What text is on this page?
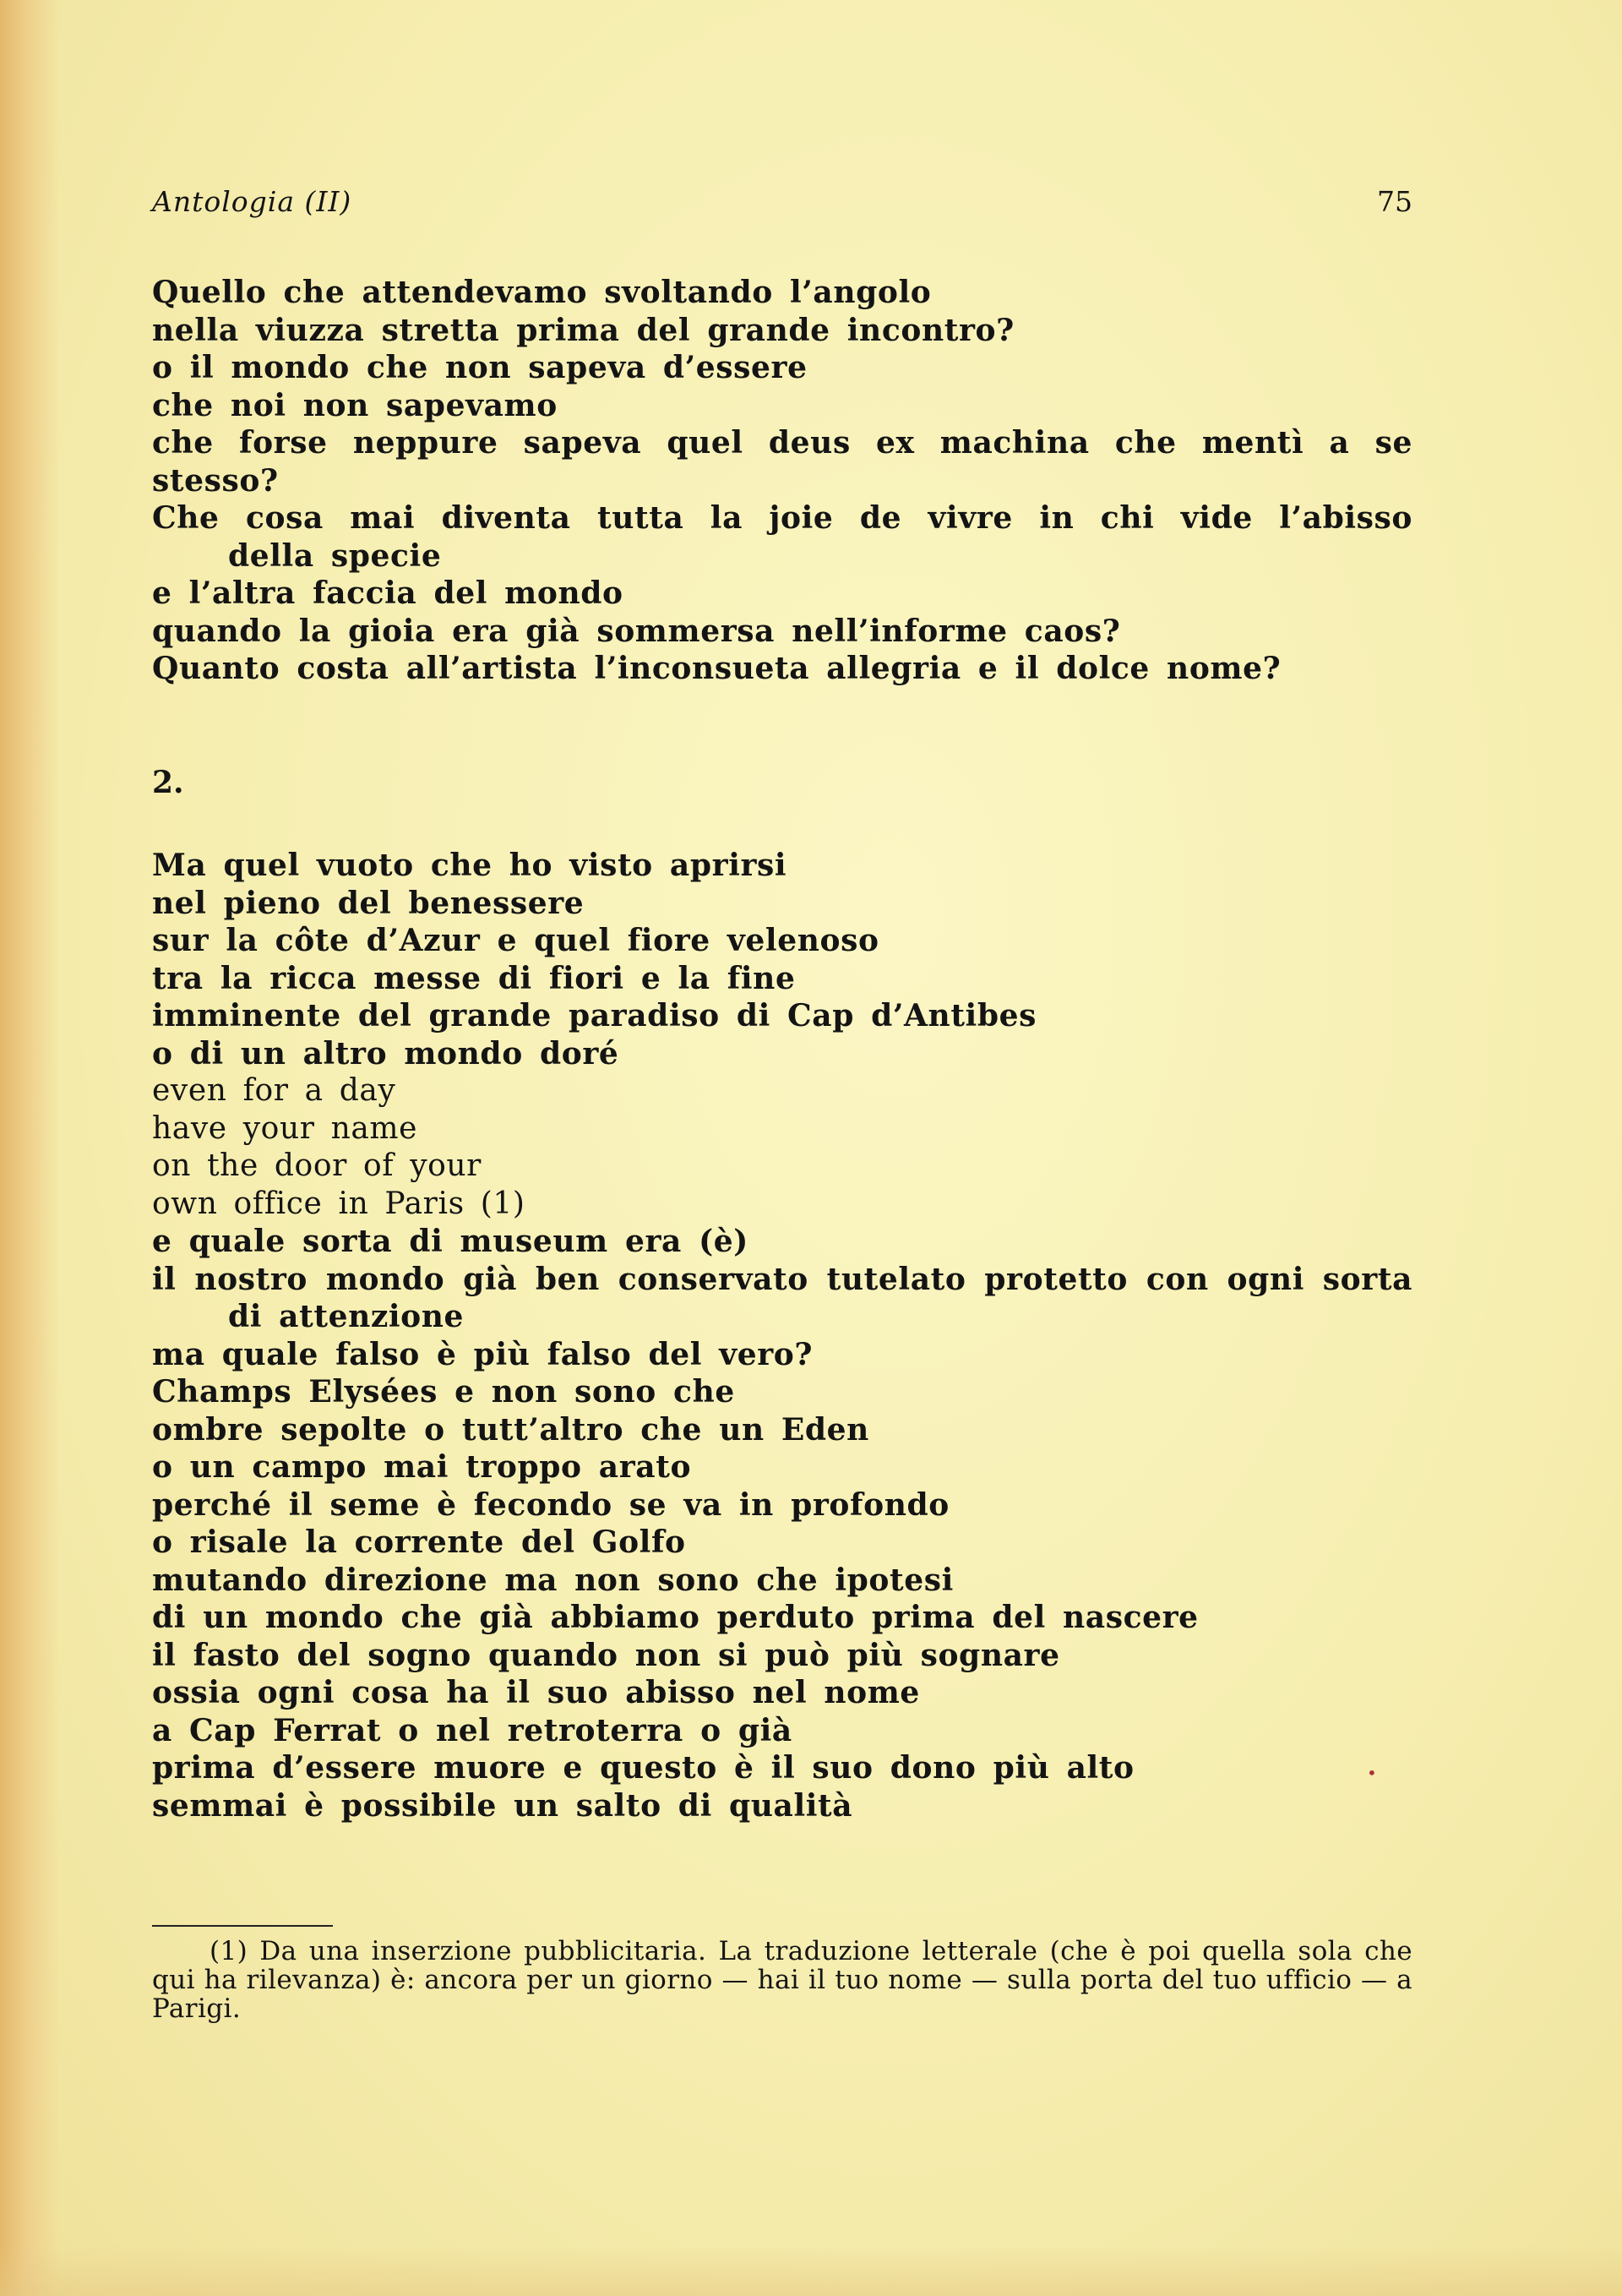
Antologia (II)	75
Quello che attendevamo svoltando l’angolo
nella viuzza stretta prima del grande incontro?
o il mondo che non sapeva d’essere
che noi non sapevamo
che forse neppure sapeva quel deus ex machina che mentì a se stesso?
Che cosa mai diventa tutta la joie de vivre in chi vide l’abisso
della specie
e l’altra faccia del mondo
quando la gioia era già sommersa nell’informe caos?
Quanto costa all’artista l’inconsueta allegria e il dolce nome?
2.
Ma quel vuoto che ho visto aprirsi
nel pieno del benessere
sur la côte d’Azur e quel fiore velenoso
tra la ricca messe di fiori e la fine
imminente del grande paradiso di Cap d’Antibes
o di un altro mondo doré
even for a day
have your name
on the door of your
own office in Paris (1)
e quale sorta di museum era (è)
il nostro mondo già ben conservato tutelato protetto con ogni sorta
di attenzione
ma quale falso è più falso del vero?
Champs Elysées e non sono che
ombre sepolte o tutt’altro che un Eden
o un campo mai troppo arato
perché il seme è fecondo se va in profondo
o risale la corrente del Golfo
mutando direzione ma non sono che ipotesi
di un mondo che già abbiamo perduto prima del nascere
il fasto del sogno quando non si può più sognare
ossia ogni cosa ha il suo abisso nel nome
a Cap Ferrat o nel retroterra o già
prima d’essere muore e questo è il suo dono più alto
semmai è possibile un salto di qualità
•
(1) Da una inserzione pubblicitaria. La traduzione letterale (che è poi quella sola che qui ha rilevanza) è: ancora per un giorno — hai il tuo nome — sulla porta del tuo ufficio — a Parigi.
